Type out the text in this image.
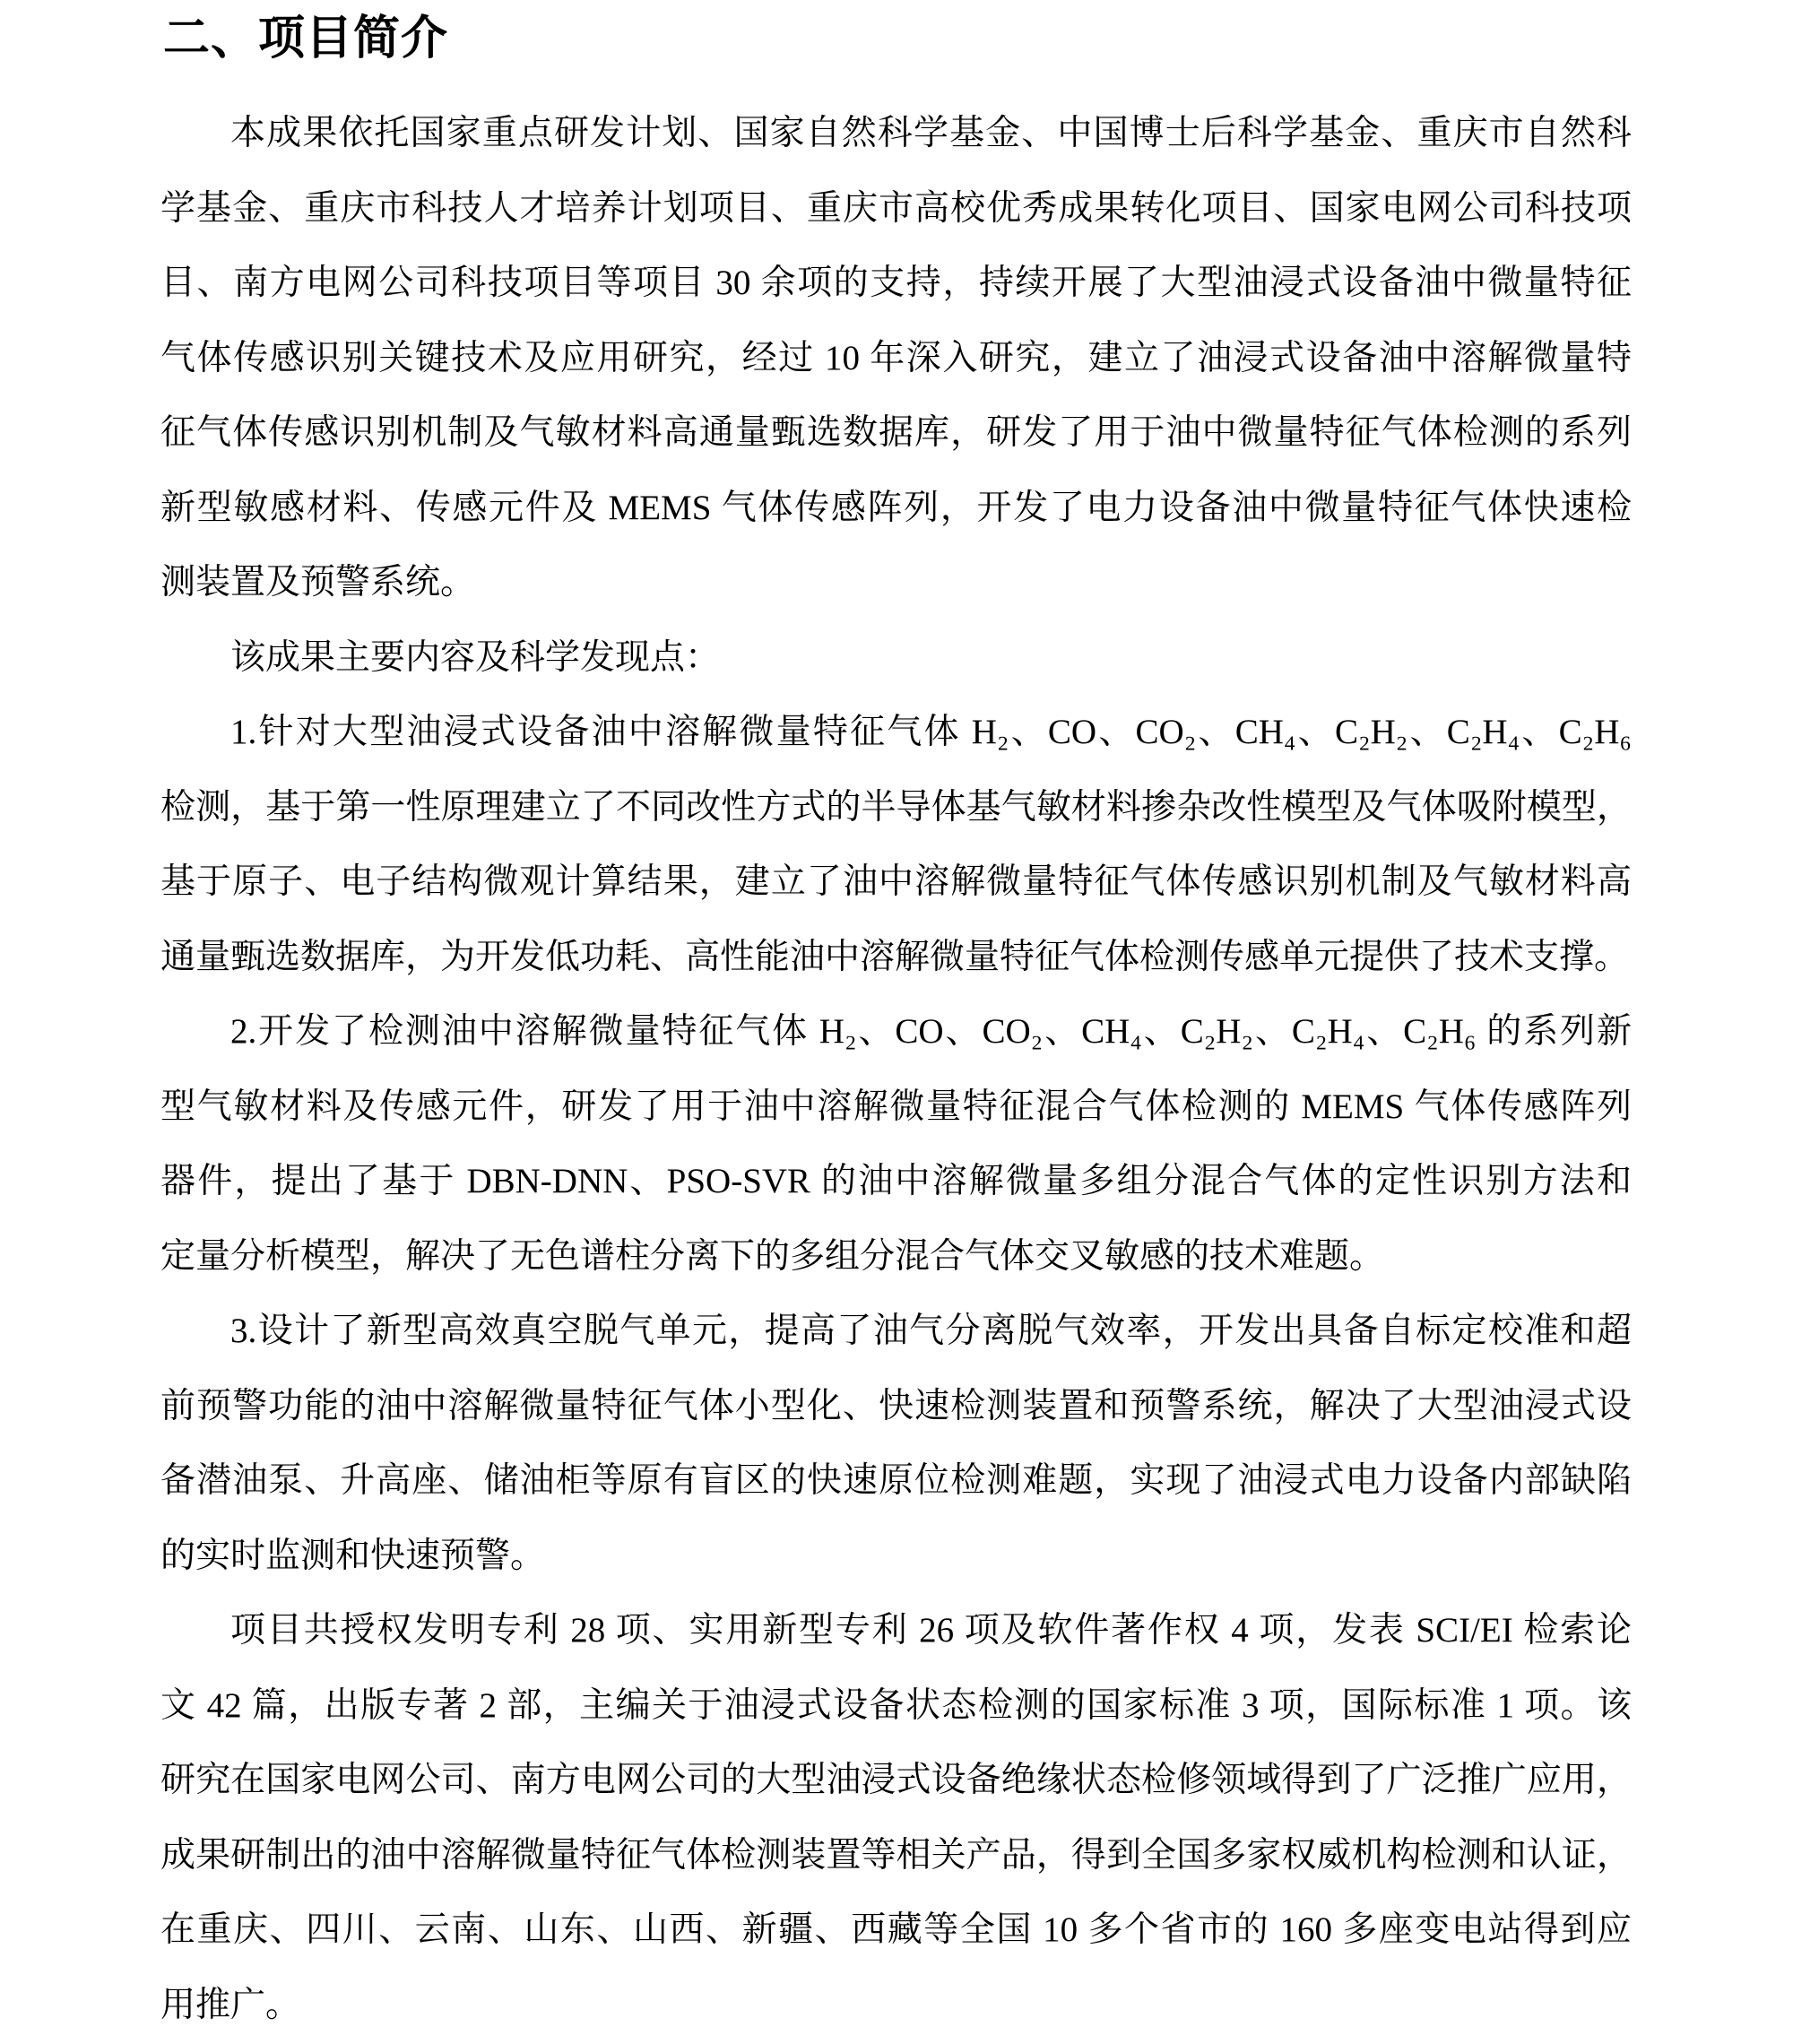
二、项目简介
本成果依托国家重点研发计划、国家自然科学基金、中国博士后科学基金、重庆市自然科
学基金、重庆市科技人才培养计划项目、重庆市高校优秀成果转化项目、国家电网公司科技项
目、南方电网公司科技项目等项目 30 余项的支持，持续开展了大型油浸式设备油中微量特征
气体传感识别关键技术及应用研究，经过 10 年深入研究，建立了油浸式设备油中溶解微量特
征气体传感识别机制及气敏材料高通量甄选数据库，研发了用于油中微量特征气体检测的系列
新型敏感材料、传感元件及 MEMS 气体传感阵列，开发了电力设备油中微量特征气体快速检
测装置及预警系统。
该成果主要内容及科学发现点：
1.针对大型油浸式设备油中溶解微量特征气体 H₂、CO、CO₂、CH₄、C₂H₂、C₂H₄、C₂H₆
检测，基于第一性原理建立了不同改性方式的半导体基气敏材料掺杂改性模型及气体吸附模型，
基于原子、电子结构微观计算结果，建立了油中溶解微量特征气体传感识别机制及气敏材料高
通量甄选数据库，为开发低功耗、高性能油中溶解微量特征气体检测传感单元提供了技术支撑。
2.开发了检测油中溶解微量特征气体 H₂、CO、CO₂、CH₄、C₂H₂、C₂H₄、C₂H₆ 的系列新
型气敏材料及传感元件，研发了用于油中溶解微量特征混合气体检测的 MEMS 气体传感阵列
器件，提出了基于 DBN-DNN、PSO-SVR 的油中溶解微量多组分混合气体的定性识别方法和
定量分析模型，解决了无色谱柱分离下的多组分混合气体交叉敏感的技术难题。
3.设计了新型高效真空脱气单元，提高了油气分离脱气效率，开发出具备自标定校准和超
前预警功能的油中溶解微量特征气体小型化、快速检测装置和预警系统，解决了大型油浸式设
备潜油泵、升高座、储油柜等原有盲区的快速原位检测难题，实现了油浸式电力设备内部缺陷
的实时监测和快速预警。
项目共授权发明专利 28 项、实用新型专利 26 项及软件著作权 4 项，发表 SCI/EI 检索论
文 42 篇，出版专著 2 部，主编关于油浸式设备状态检测的国家标准 3 项，国际标准 1 项。该
研究在国家电网公司、南方电网公司的大型油浸式设备绝缘状态检修领域得到了广泛推广应用，
成果研制出的油中溶解微量特征气体检测装置等相关产品，得到全国多家权威机构检测和认证，
在重庆、四川、云南、山东、山西、新疆、西藏等全国 10 多个省市的 160 多座变电站得到应
用推广。
